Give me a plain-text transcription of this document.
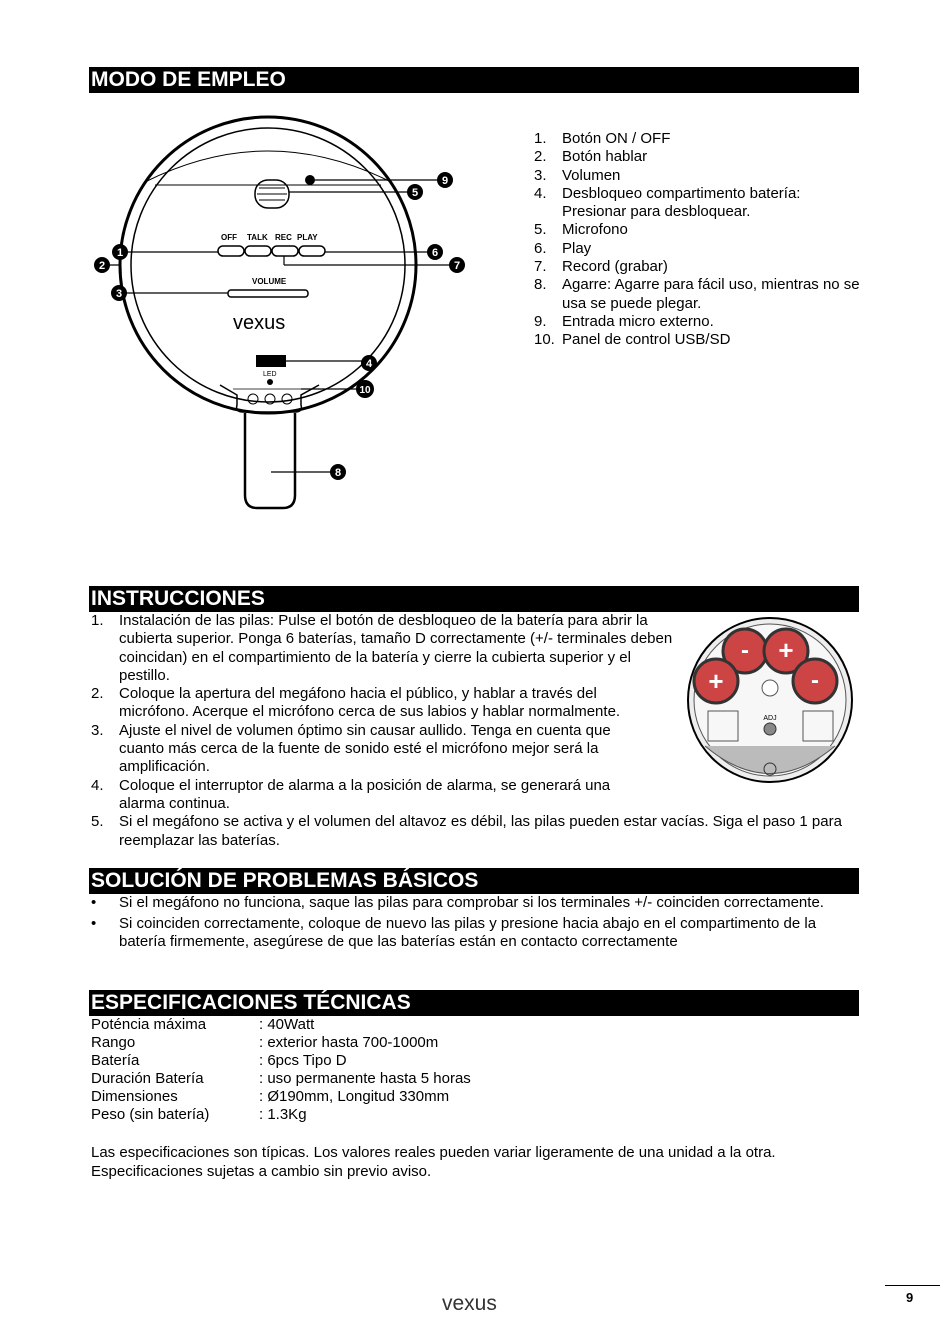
MODO DE EMPLEO
OFF TALK REC PLAY
VOLUME
vexus
LED
1
2
3
4
5
6
7
8
9
10
1. Botón ON / OFF
2. Botón hablar
3. Volumen
4. Desbloqueo compartimento batería: Presionar para desbloquear.
5. Microfono
6. Play
7. Record (grabar)
8. Agarre: Agarre para fácil uso, mientras no se usa se puede plegar.
9. Entrada micro externo.
10. Panel de control USB/SD
INSTRUCCIONES
- +
+	-
ADJ
1. Instalación de las pilas: Pulse el botón de desbloqueo de la batería para abrir la cubierta superior. Ponga 6 baterías, tamaño D correctamente (+/- terminales deben coincidan) en el compartimiento de la batería y cierre la cubierta superior y el pestillo.
2. Coloque la apertura del megáfono hacia el público, y hablar a través del micrófono. Acerque el micrófono cerca de sus labios y hablar normalmente.
3. Ajuste el nivel de volumen óptimo sin causar aullido. Tenga en cuenta que cuanto más cerca de la fuente de sonido esté el micrófono mejor será la amplificación.
4. Coloque el interruptor de alarma a la posición de alarma, se generará una alarma continua.
5. Si el megáfono se activa y el volumen del altavoz es débil, las pilas pueden estar vacías. Siga el paso 1 para reemplazar las baterías.
SOLUCIÓN DE PROBLEMAS BÁSICOS
•	Si el megáfono no funciona, saque las pilas para comprobar si los terminales +/- coinciden correctamente.
•	Si coinciden correctamente, coloque de nuevo las pilas y presione hacia abajo en el compartimento de la batería firmemente, asegúrese de que las baterías están en contacto correctamente
ESPECIFICACIONES TÉCNICAS
Poténcia máxima	: 40Watt
Rango	: exterior hasta 700-1000m
Batería	: 6pcs Tipo D
Duración Batería	: uso permanente hasta 5 horas
Dimensiones	: Ø190mm, Longitud 330mm
Peso (sin batería)	: 1.3Kg
Las especificaciones son típicas. Los valores reales pueden variar ligeramente de una unidad a la otra.
Especificaciones sujetas a cambio sin previo aviso.
vexus	9
